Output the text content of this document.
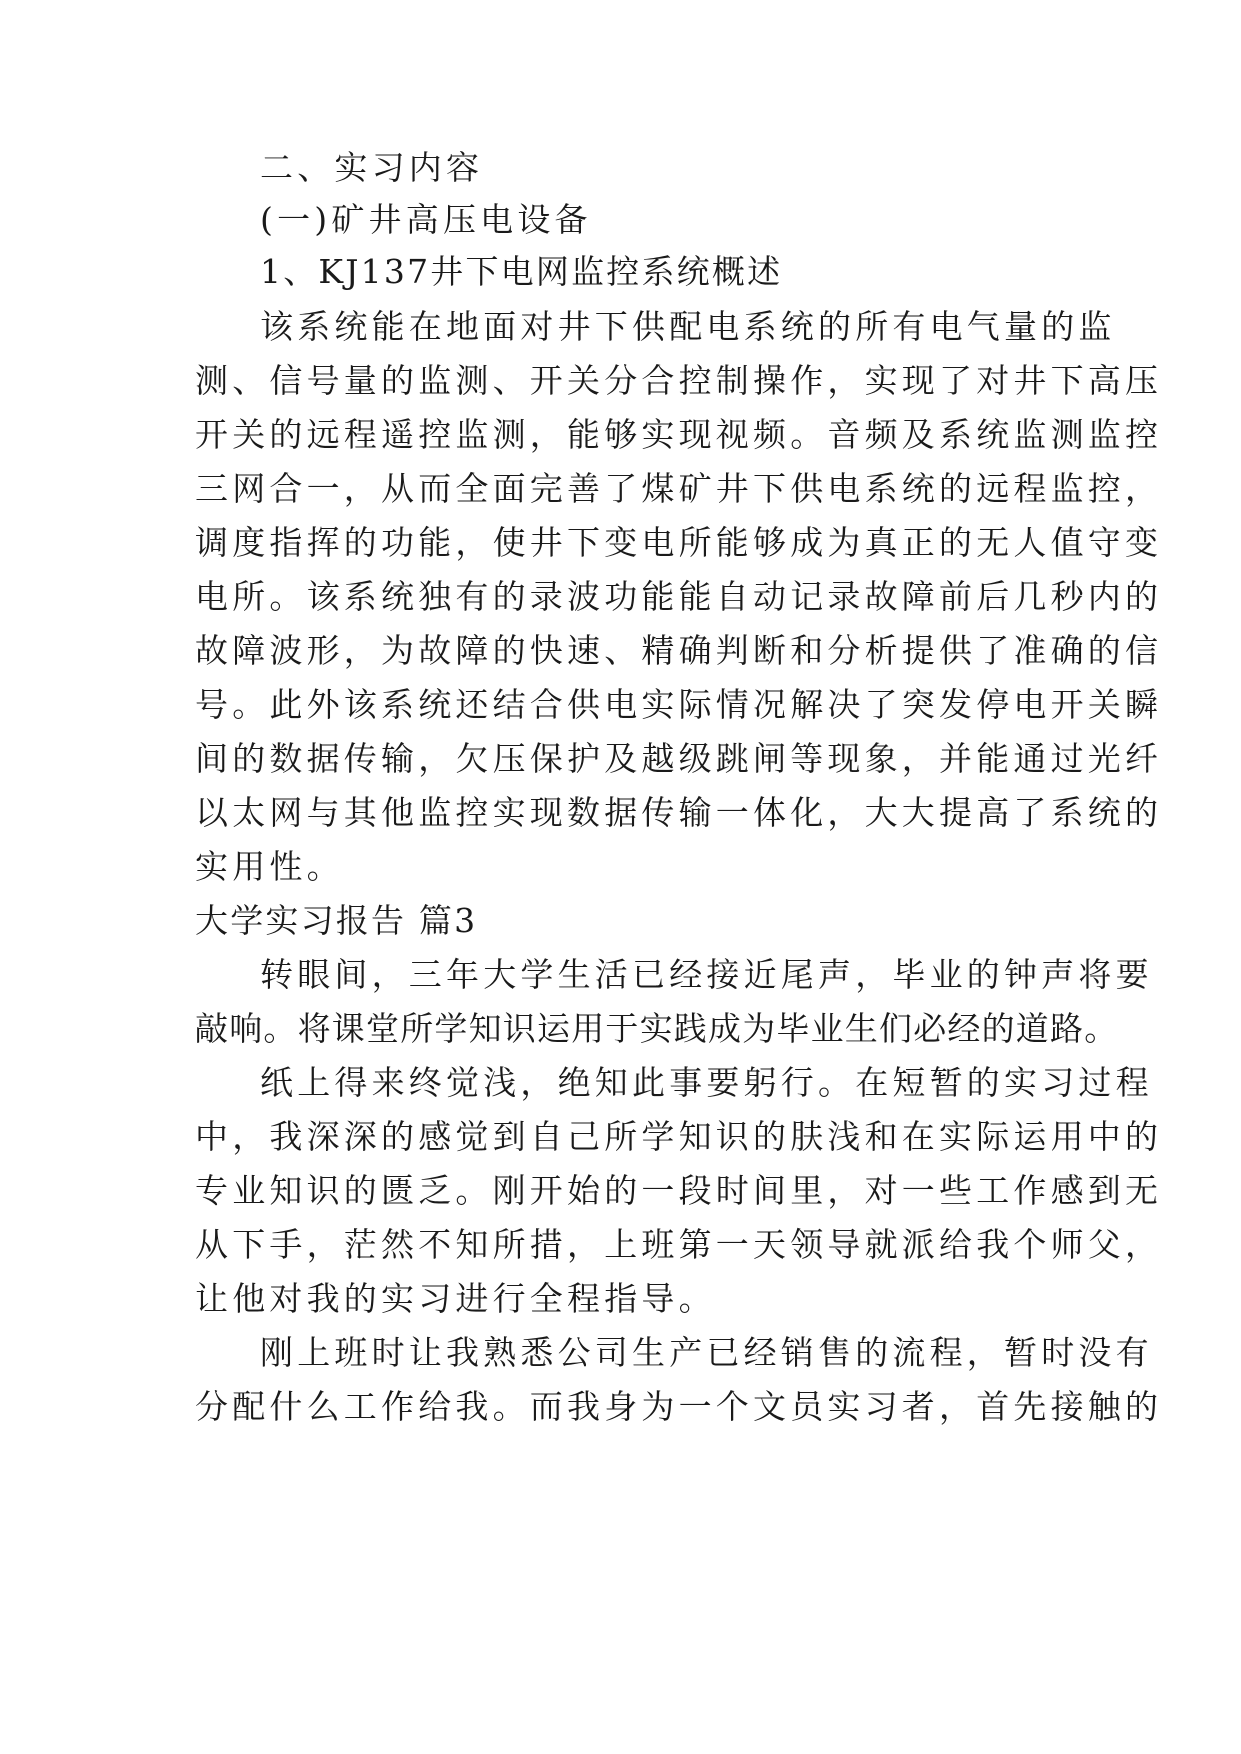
二、实习内容
(一)矿井高压电设备
1、KJ137井下电网监控系统概述
该系统能在地面对井下供配电系统的所有电气量的监
测、信号量的监测、开关分合控制操作，实现了对井下高压
开关的远程遥控监测，能够实现视频。音频及系统监测监控
三网合一，从而全面完善了煤矿井下供电系统的远程监控，
调度指挥的功能，使井下变电所能够成为真正的无人值守变
电所。该系统独有的录波功能能自动记录故障前后几秒内的
故障波形，为故障的快速、精确判断和分析提供了准确的信
号。此外该系统还结合供电实际情况解决了突发停电开关瞬
间的数据传输，欠压保护及越级跳闸等现象，并能通过光纤
以太网与其他监控实现数据传输一体化，大大提高了系统的
实用性。
大学实习报告 篇3
转眼间，三年大学生活已经接近尾声，毕业的钟声将要
敲响。将课堂所学知识运用于实践成为毕业生们必经的道路。
纸上得来终觉浅，绝知此事要躬行。在短暂的实习过程
中，我深深的感觉到自己所学知识的肤浅和在实际运用中的
专业知识的匮乏。刚开始的一段时间里，对一些工作感到无
从下手，茫然不知所措，上班第一天领导就派给我个师父，
让他对我的实习进行全程指导。
刚上班时让我熟悉公司生产已经销售的流程，暂时没有
分配什么工作给我。而我身为一个文员实习者，首先接触的
